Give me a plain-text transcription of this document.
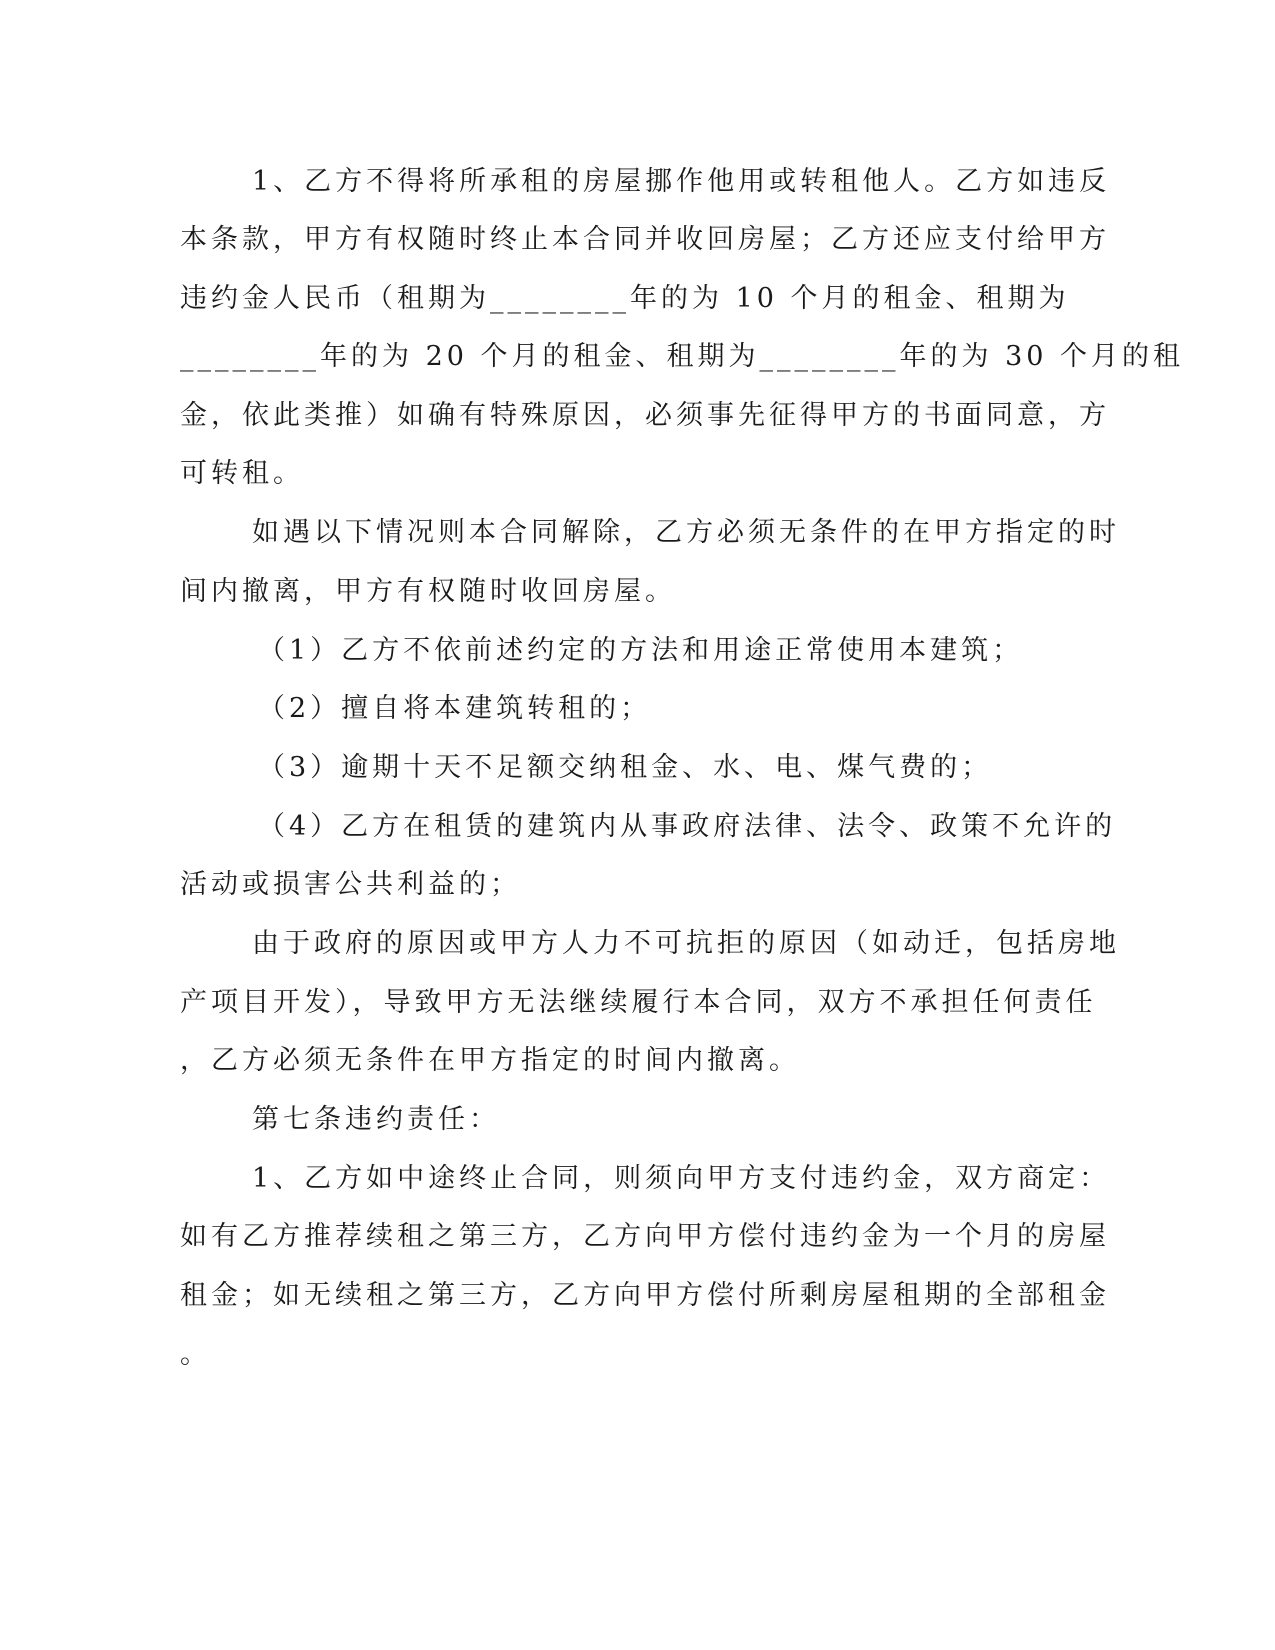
1、乙方不得将所承租的房屋挪作他用或转租他人。乙方如违反
本条款，甲方有权随时终止本合同并收回房屋；乙方还应支付给甲方
违约金人民币（租期为________年的为 10 个月的租金、租期为
________年的为 20 个月的租金、租期为________年的为 30 个月的租
金，依此类推）如确有特殊原因，必须事先征得甲方的书面同意，方
可转租。
如遇以下情况则本合同解除，乙方必须无条件的在甲方指定的时
间内撤离，甲方有权随时收回房屋。
（1）乙方不依前述约定的方法和用途正常使用本建筑；
（2）擅自将本建筑转租的；
（3）逾期十天不足额交纳租金、水、电、煤气费的；
（4）乙方在租赁的建筑内从事政府法律、法令、政策不允许的
活动或损害公共利益的；
由于政府的原因或甲方人力不可抗拒的原因（如动迁，包括房地
产项目开发），导致甲方无法继续履行本合同，双方不承担任何责任
，乙方必须无条件在甲方指定的时间内撤离。
第七条违约责任：
1、乙方如中途终止合同，则须向甲方支付违约金，双方商定：
如有乙方推荐续租之第三方，乙方向甲方偿付违约金为一个月的房屋
租金；如无续租之第三方，乙方向甲方偿付所剩房屋租期的全部租金
。
